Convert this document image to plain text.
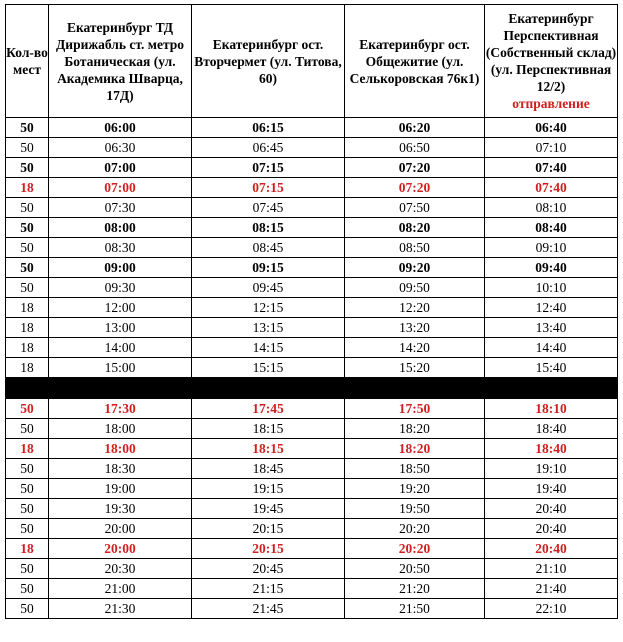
Кол-во мест	Екатеринбург ТД Дирижабль ст. метро Ботаническая (ул. Академика Шварца, 17Д)	Екатеринбург ост. Вторчермет (ул. Титова, 60)	Екатеринбург ост. Общежитие (ул. Селькоровская 76к1)	Екатеринбург Перспективная (Собственный склад) (ул. Перспективная 12/2)
отправление

50	06:00	06:15	06:20	06:40
50	06:30	06:45	06:50	07:10
50	07:00	07:15	07:20	07:40
18	07:00	07:15	07:20	07:40
50	07:30	07:45	07:50	08:10
50	08:00	08:15	08:20	08:40
50	08:30	08:45	08:50	09:10
50	09:00	09:15	09:20	09:40
50	09:30	09:45	09:50	10:10
18	12:00	12:15	12:20	12:40
18	13:00	13:15	13:20	13:40
18	14:00	14:15	14:20	14:40
18	15:00	15:15	15:20	15:40

50	17:30	17:45	17:50	18:10
50	18:00	18:15	18:20	18:40
18	18:00	18:15	18:20	18:40
50	18:30	18:45	18:50	19:10
50	19:00	19:15	19:20	19:40
50	19:30	19:45	19:50	20:40
50	20:00	20:15	20:20	20:40
18	20:00	20:15	20:20	20:40
50	20:30	20:45	20:50	21:10
50	21:00	21:15	21:20	21:40
50	21:30	21:45	21:50	22:10
